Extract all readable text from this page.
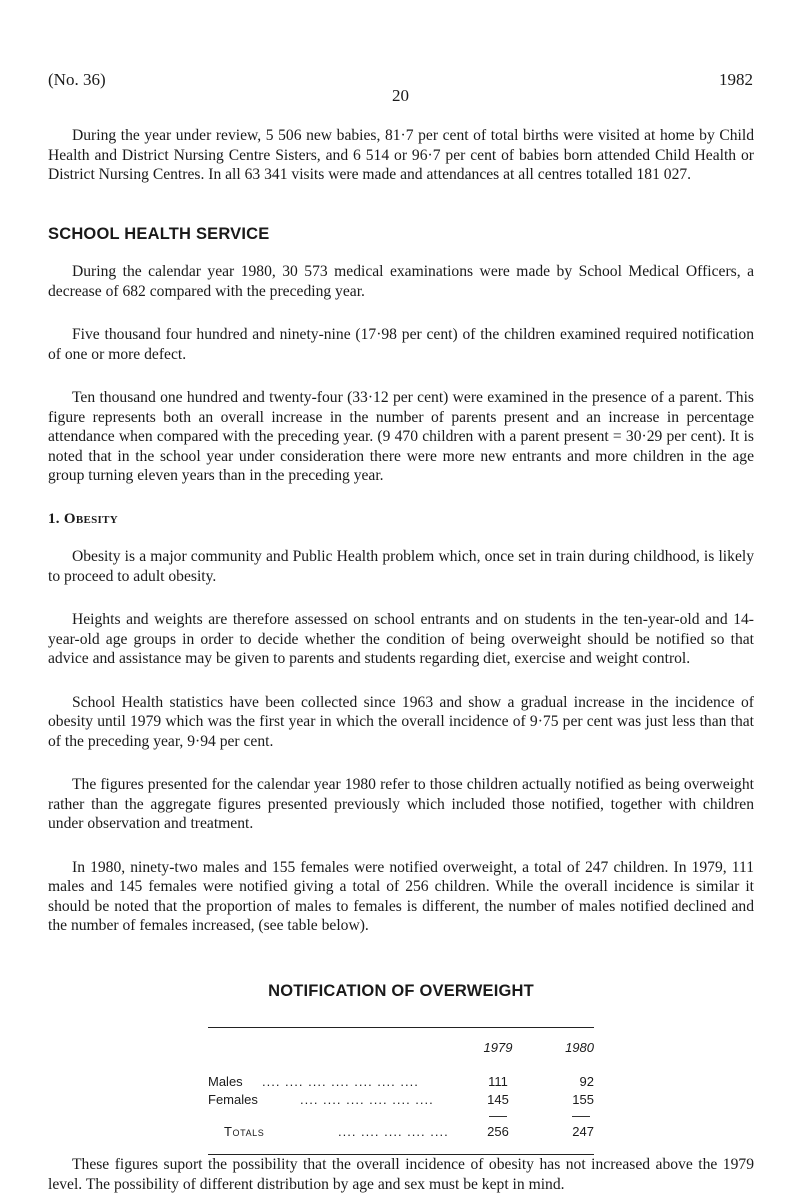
(No. 36)	1982
20

During the year under review, 5 506 new babies, 81·7 per cent of total births were visited at home by Child Health and District Nursing Centre Sisters, and 6 514 or 96·7 per cent of babies born attended Child Health or District Nursing Centres. In all 63 341 visits were made and attendances at all centres totalled 181 027.

SCHOOL HEALTH SERVICE

During the calendar year 1980, 30 573 medical examinations were made by School Medical Officers, a decrease of 682 compared with the preceding year.

Five thousand four hundred and ninety-nine (17·98 per cent) of the children examined required notification of one or more defect.

Ten thousand one hundred and twenty-four (33·12 per cent) were examined in the presence of a parent. This figure represents both an overall increase in the number of parents present and an increase in percentage attendance when compared with the preceding year. (9 470 children with a parent present = 30·29 per cent). It is noted that in the school year under consideration there were more new entrants and more children in the age group turning eleven years than in the preceding year.

1. Obesity

Obesity is a major community and Public Health problem which, once set in train during childhood, is likely to proceed to adult obesity.

Heights and weights are therefore assessed on school entrants and on students in the ten-year-old and 14-year-old age groups in order to decide whether the condition of being overweight should be notified so that advice and assistance may be given to parents and students regarding diet, exercise and weight control.

School Health statistics have been collected since 1963 and show a gradual increase in the incidence of obesity until 1979 which was the first year in which the overall incidence of 9·75 per cent was just less than that of the preceding year, 9·94 per cent.

The figures presented for the calendar year 1980 refer to those children actually notified as being overweight rather than the aggregate figures presented previously which included those notified, together with children under observation and treatment.

In 1980, ninety-two males and 155 females were notified overweight, a total of 247 children. In 1979, 111 males and 145 females were notified giving a total of 256 children. While the overall incidence is similar it should be noted that the proportion of males to females is different, the number of males notified declined and the number of females increased, (see table below).

NOTIFICATION OF OVERWEIGHT
1979	1980
Males .... .... .... .... .... .... ....	111	92
Females	.... .... .... .... .... ....	145	155
Totals	.... .... .... .... ....	256	247

These figures suport the possibility that the overall incidence of obesity has not increased above the 1979 level. The possibility of different distribution by age and sex must be kept in mind.
